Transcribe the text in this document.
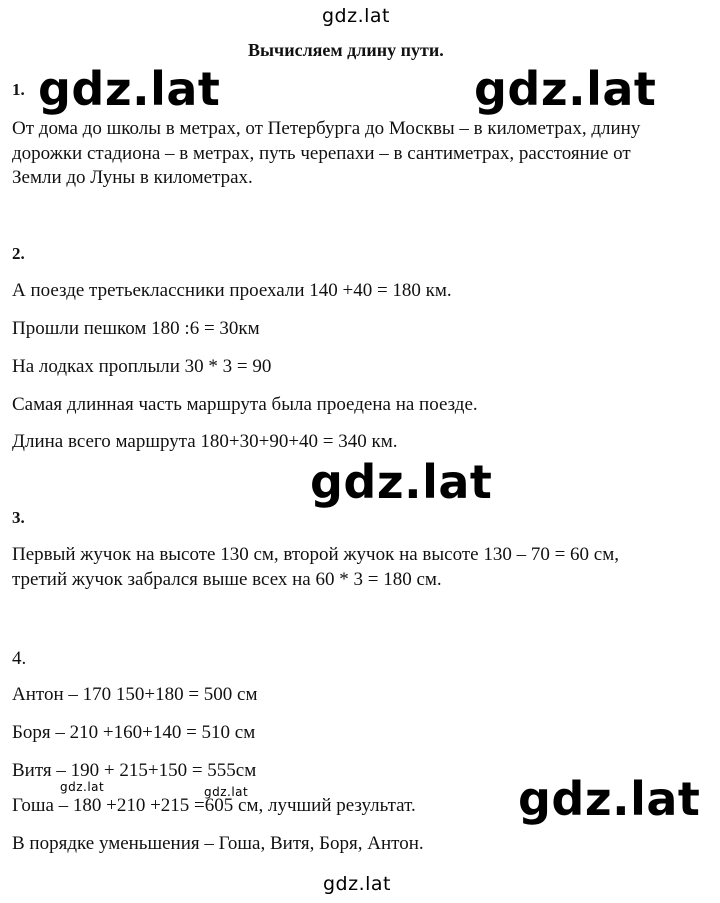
gdz.lat
Вычисляем длину пути.
1. gdz.lat	gdz.lat
От дома до школы в метрах, от Петербурга до Москвы – в километрах, длину
дорожки стадиона – в метрах, путь черепахи – в сантиметрах, расстояние от
Земли до Луны в километрах.
2.
А поезде третьеклассники проехали 140 +40 = 180 км.
Прошли пешком 180 :6 = 30км
На лодках проплыли 30 * 3 = 90
Самая длинная часть маршрута была проедена на поезде.
Длина всего маршрута 180+30+90+40 = 340 км.
gdz.lat
3.
Первый жучок на высоте 130 см, второй жучок на высоте 130 – 70 = 60 см,
третий жучок забрался выше всех на 60 * 3 = 180 см.
4.
Антон – 170 150+180 = 500 см
Боря – 210 +160+140 = 510 см
Витя – 190 + 215+150 = 555см
gdz.lat	gdz.lat
Гоша – 180 +210 +215 =605 см, лучший результат. gdz.lat
В порядке уменьшения – Гоша, Витя, Боря, Антон.
gdz.lat
